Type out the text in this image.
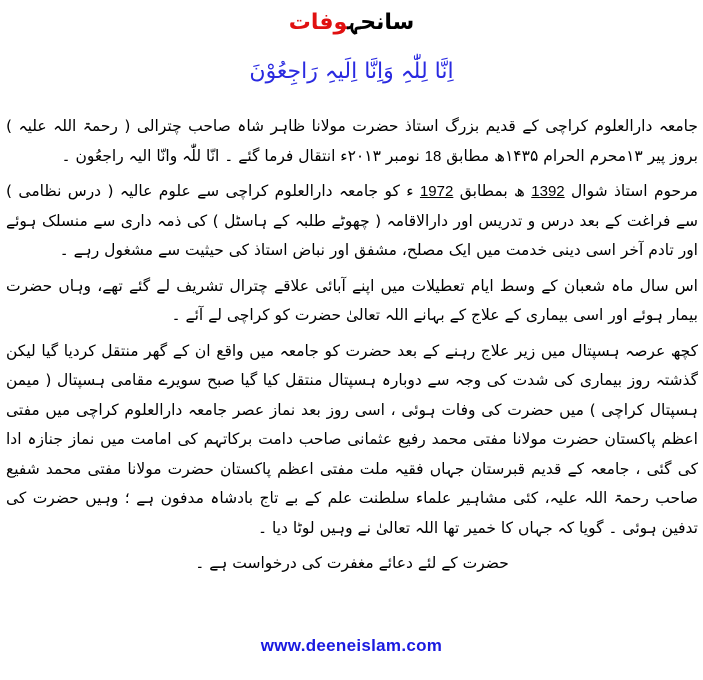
سانحہوفات
اِنَّا لِلّٰہِ وَاِنَّا اِلَیہِ رَاجِعُوْنَ

جامعہ دارالعلوم کراچی کے قدیم بزرگ استاذ حضرت مولانا ظاہر شاہ صاحب چترالی ( رحمۃ اللہ علیہ ) بروز پیر ۱۳محرم الحرام ۱۴۳۵ھ مطابق 18 نومبر ۲۰۱۳ء انتقال فرما گئے ۔ انّا للّٰہ وانّا الیہ راجعُون ۔

مرحوم استاذ شوال 1392 ھ بمطابق 1972 ء کو جامعہ دارالعلوم کراچی سے علوم عالیہ ( درس نظامی ) سے فراغت کے بعد درس و تدریس اور دارالاقامہ ( چھوٹے طلبہ کے ہاسٹل ) کی ذمہ داری سے منسلک ہوئے اور تادم آخر اسی دینی خدمت میں ایک مصلح، مشفق اور نباض استاذ کی حیثیت سے مشغول رہے ۔

اس سال ماہ شعبان کے وسط ایام تعطیلات میں اپنے آبائی علاقے چترال تشریف لے گئے تھے، وہاں حضرت بیمار ہوئے اور اسی بیماری کے علاج کے بہانے اللہ تعالیٰ حضرت کو کراچی لے آئے ۔

کچھ عرصہ ہسپتال میں زیر علاج رہنے کے بعد حضرت کو جامعہ میں واقع ان کے گھر منتقل کردیا گیا لیکن گذشتہ روز بیماری کی شدت کی وجہ سے دوبارہ ہسپتال منتقل کیا گیا صبح سویرے مقامی ہسپتال ( میمن ہسپتال کراچی ) میں حضرت کی وفات ہوئی ، اسی روز بعد نماز عصر جامعہ دارالعلوم کراچی میں مفتی اعظم پاکستان حضرت مولانا مفتی محمد رفیع عثمانی صاحب دامت برکاتہم کی امامت میں نماز جنازہ ادا کی گئی ، جامعہ کے قدیم قبرستان جہاں فقیہ ملت مفتی اعظم پاکستان حضرت مولانا مفتی محمد شفیع صاحب رحمۃ اللہ علیہ، کئی مشاہیر علماء سلطنت علم کے بے تاج بادشاہ مدفون ہے ؛ وہیں حضرت کی تدفین ہوئی ۔ گویا کہ جہاں کا خمیر تھا اللہ تعالیٰ نے وہیں لوٹا دیا ۔

حضرت کے لئے دعائے مغفرت کی درخواست ہے ۔

www.deeneislam.com
